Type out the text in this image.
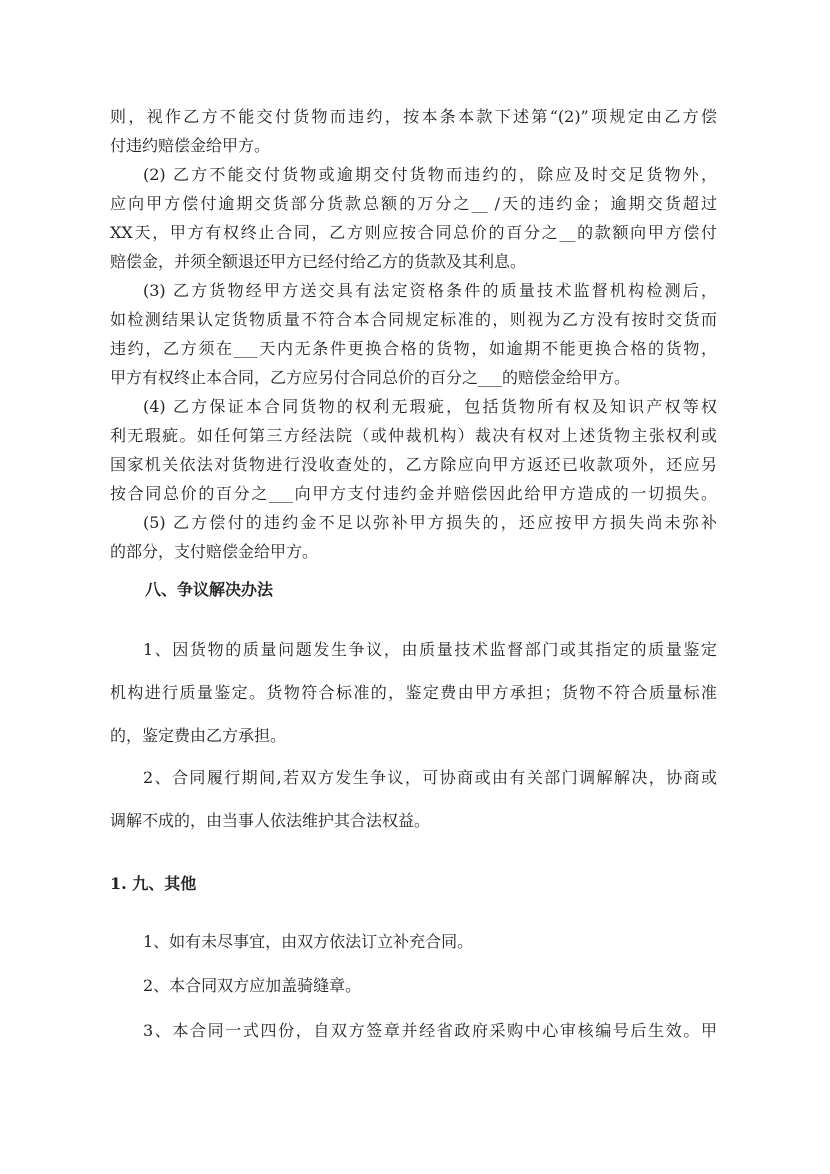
则，视作乙方不能交付货物而违约，按本条本款下述第“(2)”项规定由乙方偿
付违约赔偿金给甲方。
(2) 乙方不能交付货物或逾期交付货物而违约的，除应及时交足货物外，
应向甲方偿付逾期交货部分货款总额的万分之__ /天的违约金；逾期交货超过
XX天，甲方有权终止合同，乙方则应按合同总价的百分之__的款额向甲方偿付
赔偿金，并须全额退还甲方已经付给乙方的货款及其利息。
(3) 乙方货物经甲方送交具有法定资格条件的质量技术监督机构检测后，
如检测结果认定货物质量不符合本合同规定标准的，则视为乙方没有按时交货而
违约，乙方须在___天内无条件更换合格的货物，如逾期不能更换合格的货物，
甲方有权终止本合同，乙方应另付合同总价的百分之___的赔偿金给甲方。
(4) 乙方保证本合同货物的权利无瑕疵，包括货物所有权及知识产权等权
利无瑕疵。如任何第三方经法院（或仲裁机构）裁决有权对上述货物主张权利或
国家机关依法对货物进行没收查处的，乙方除应向甲方返还已收款项外，还应另
按合同总价的百分之___向甲方支付违约金并赔偿因此给甲方造成的一切损失。
(5) 乙方偿付的违约金不足以弥补甲方损失的，还应按甲方损失尚未弥补
的部分，支付赔偿金给甲方。
八、争议解决办法
1、因货物的质量问题发生争议，由质量技术监督部门或其指定的质量鉴定
机构进行质量鉴定。货物符合标准的，鉴定费由甲方承担；货物不符合质量标准
的，鉴定费由乙方承担。
2、合同履行期间,若双方发生争议，可协商或由有关部门调解解决，协商或
调解不成的，由当事人依法维护其合法权益。
1. 九、其他
1、如有未尽事宜，由双方依法订立补充合同。
2、本合同双方应加盖骑缝章。
3、本合同一式四份，自双方签章并经省政府采购中心审核编号后生效。甲
